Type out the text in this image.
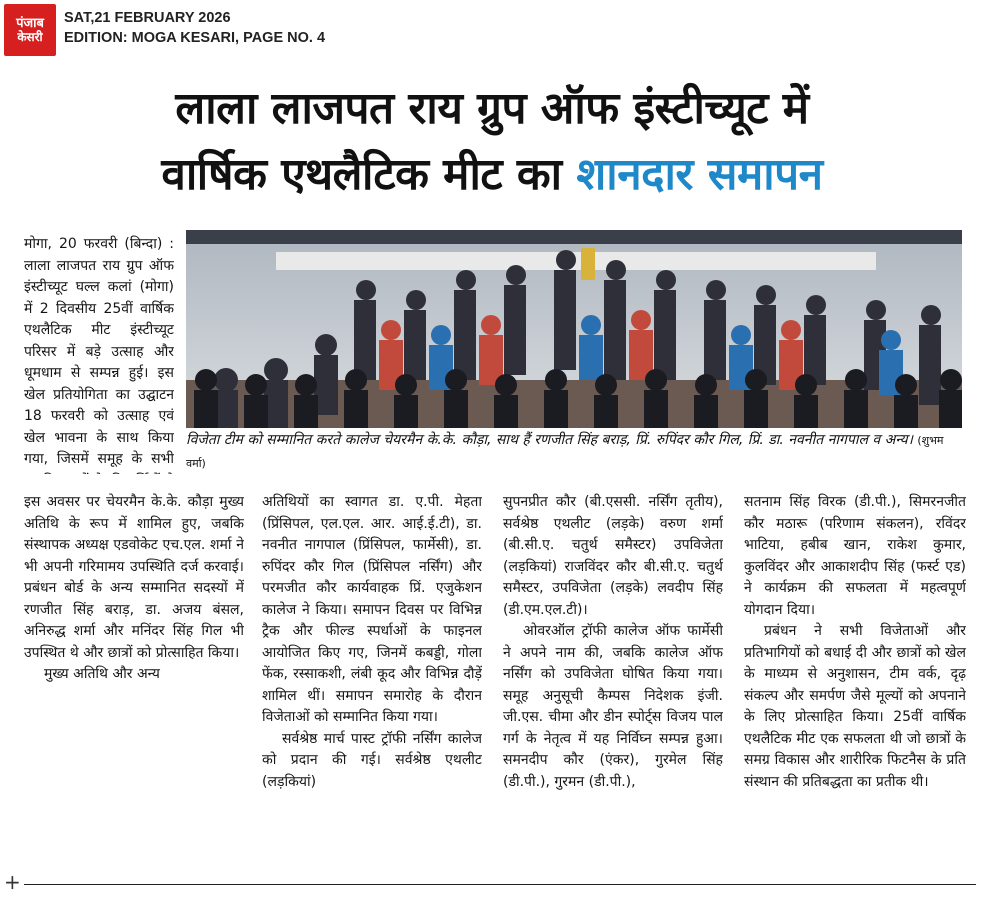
पंजाब
केसरी
SAT,21 FEBRUARY 2026
EDITION: MOGA KESARI, PAGE NO. 4
लाला लाजपत राय ग्रुप ऑफ इंस्टीच्यूट में
वार्षिक एथलैटिक मीट का शानदार समापन
विजेता टीम को सम्मानित करते कालेज चेयरमैन के.के. कौड़ा, साथ हैं रणजीत सिंह बराड़, प्रिं. रुपिंदर कौर गिल, प्रिं. डा. नवनीत नागपाल व अन्य। (शुभम वर्मा)

मोगा, 20 फरवरी (बिन्दा) : लाला लाजपत राय ग्रुप ऑफ इंस्टीच्यूट घल्ल कलां (मोगा) में 2 दिवसीय 25वीं वार्षिक एथलैटिक मीट इंस्टीच्यूट परिसर में बड़े उत्साह और धूमधाम से सम्पन्न हुई। इस खेल प्रतियोगिता का उद्घाटन 18 फरवरी को उत्साह एवं खेल भावना के साथ किया गया, जिसमें समूह के सभी

इस अवसर पर चेयरमैन के.के. कौड़ा मुख्य अतिथि के रूप में शामिल हुए, जबकि संस्थापक अध्यक्ष एडवोकेट एच.एल. शर्मा ने भी अपनी गरिमामय उपस्थिति दर्ज करवाई। प्रबंधन बोर्ड के अन्य सम्मानित सदस्यों में रणजीत सिंह बराड़, डा. अजय बंसल, अनिरुद्ध शर्मा और मनिंदर सिंह गिल भी उपस्थित थे और छात्रों को प्रोत्साहित किया।

मुख्य अतिथि और अन्य

अतिथियों का स्वागत डा. ए.पी. मेहता (प्रिंसिपल, एल.एल. आर. आई.ई.टी), डा. नवनीत नागपाल (प्रिंसिपल, फार्मेसी), डा. रुपिंदर कौर गिल (प्रिंसिपल नर्सिंग) और परमजीत कौर कार्यवाहक प्रिं. एजुकेशन कालेज ने किया। समापन दिवस पर विभिन्न ट्रैक और फील्ड स्पर्धाओं के फाइनल आयोजित किए गए, जिनमें कबड्डी, गोला फेंक, रस्साकशी, लंबी कूद और विभिन्न दौड़ें शामिल थीं। समापन समारोह के दौरान विजेताओं को सम्मानित किया गया।

सर्वश्रेष्ठ मार्च पास्ट ट्रॉफी नर्सिंग कालेज को प्रदान की गई। सर्वश्रेष्ठ एथलीट (लड़कियां)

सुपनप्रीत कौर (बी.एससी. नर्सिंग तृतीय), सर्वश्रेष्ठ एथलीट (लड़के) वरुण शर्मा (बी.सी.ए. चतुर्थ समैस्टर) उपविजेता (लड़कियां) राजविंदर कौर बी.सी.ए. चतुर्थ समैस्टर, उपविजेता (लड़के) लवदीप सिंह (डी.एम.एल.टी)।

ओवरऑल ट्रॉफी कालेज ऑफ फार्मेसी ने अपने नाम की, जबकि कालेज ऑफ नर्सिंग को उपविजेता घोषित किया गया। समूह अनुसूची कैम्पस निदेशक इंजी. जी.एस. चीमा और डीन स्पोर्ट्स विजय पाल गर्ग के नेतृत्व में यह निर्विघ्न सम्पन्न हुआ। समनदीप कौर (एंकर), गुरमेल सिंह (डी.पी.), गुरमन (डी.पी.),

सतनाम सिंह विरक (डी.पी.), सिमरनजीत कौर मठारू (परिणाम संकलन), रविंदर भाटिया, हबीब खान, राकेश कुमार, कुलविंदर और आकाशदीप सिंह (फर्स्ट एड) ने कार्यक्रम की सफलता में महत्वपूर्ण योगदान दिया।

प्रबंधन ने सभी विजेताओं और प्रतिभागियों को बधाई दी और छात्रों को खेल के माध्यम से अनुशासन, टीम वर्क, दृढ़ संकल्प और समर्पण जैसे मूल्यों को अपनाने के लिए प्रोत्साहित किया। 25वीं वार्षिक एथलैटिक मीट एक सफलता थी जो छात्रों के समग्र विकास और शारीरिक फिटनैस के प्रति संस्थान की प्रतिबद्धता का प्रतीक थी।

+
